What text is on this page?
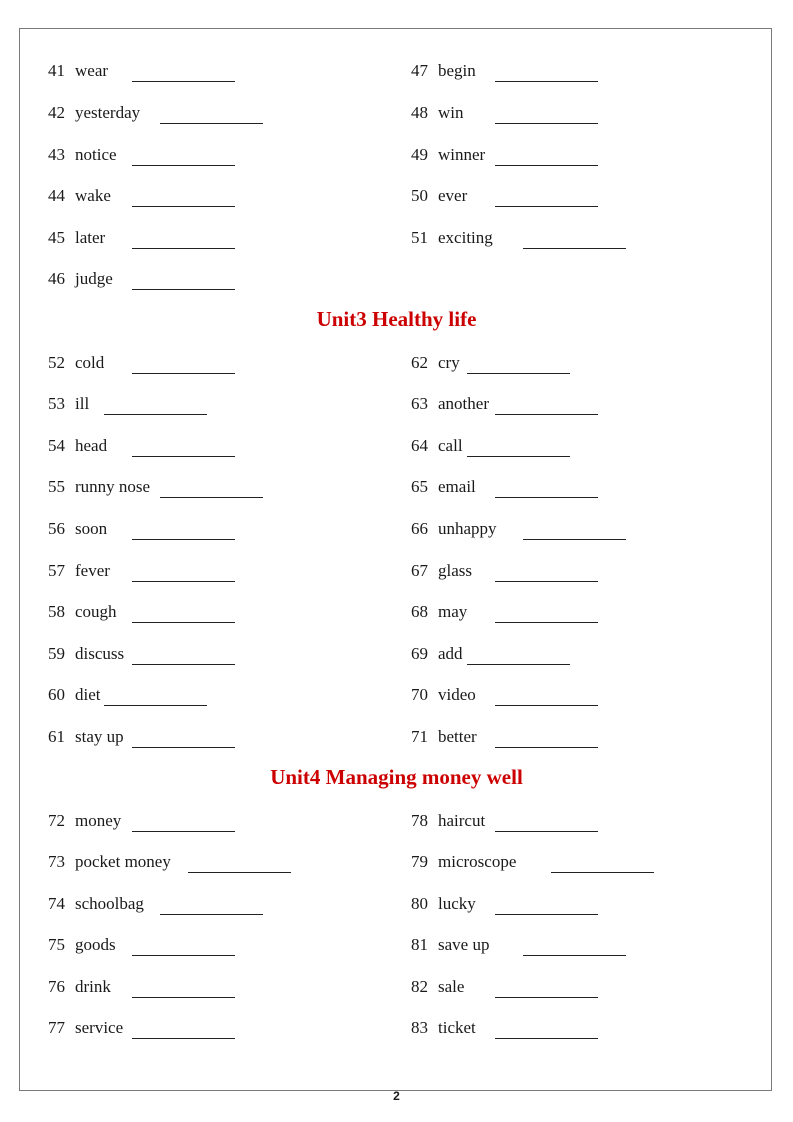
Unit3 Healthy life
Unit4 Managing money well
41 wear
42 yesterday
43 notice
44 wake
45 later
46 judge
47 begin
48 win
49 winner
50 ever
51 exciting
52 cold
53 ill
54 head
55 runny nose
56 soon
57 fever
58 cough
59 discuss
60 diet
61 stay up
62 cry
63 another
64 call
65 email
66 unhappy
67 glass
68 may
69 add
70 video
71 better
72 money
73 pocket money
74 schoolbag
75 goods
76 drink
77 service
78 haircut
79 microscope
80 lucky
81 save up
82 sale
83 ticket
2
